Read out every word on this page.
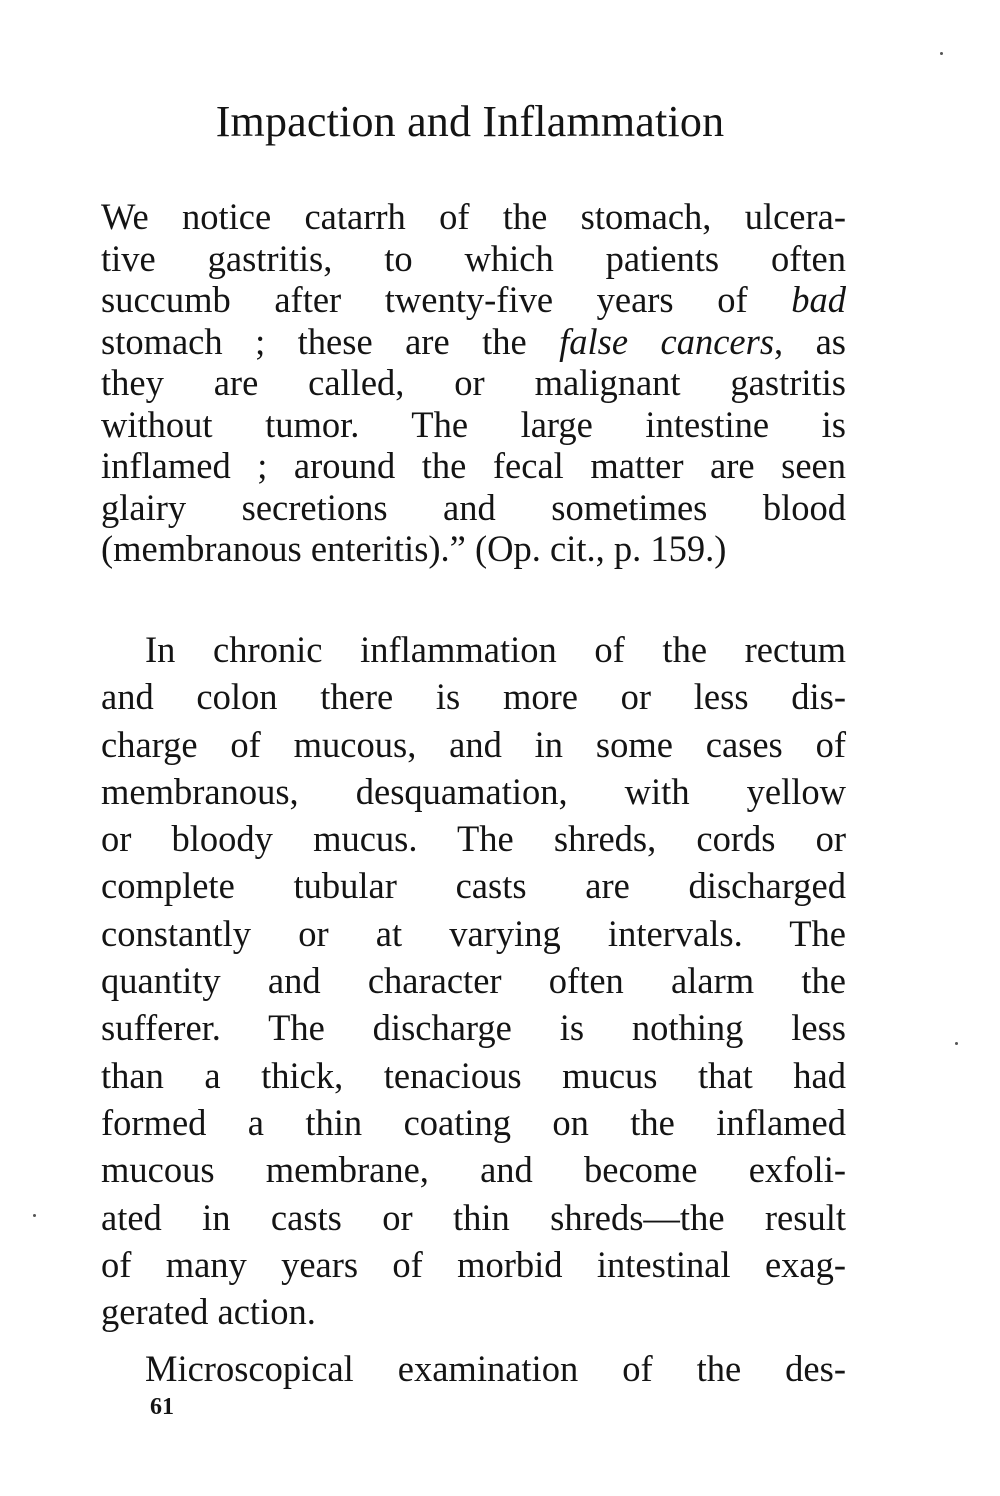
Impaction and Inflammation
We notice catarrh of the stomach, ulcera-
tive gastritis, to which patients often
succumb after twenty-five years of bad
stomach ; these are the false cancers, as
they are called, or malignant gastritis
without tumor. The large intestine is
inflamed ; around the fecal matter are seen
glairy secretions and sometimes blood
(membranous enteritis).” (Op. cit., p. 159.)
In chronic inflammation of the rectum
and colon there is more or less dis-
charge of mucous, and in some cases of
membranous, desquamation, with yellow
or bloody mucus. The shreds, cords or
complete tubular casts are discharged
constantly or at varying intervals. The
quantity and character often alarm the
sufferer. The discharge is nothing less
than a thick, tenacious mucus that had
formed a thin coating on the inflamed
mucous membrane, and become exfoli-
ated in casts or thin shreds—the result
of many years of morbid intestinal exag-
gerated action.
Microscopical examination of the des-
61
